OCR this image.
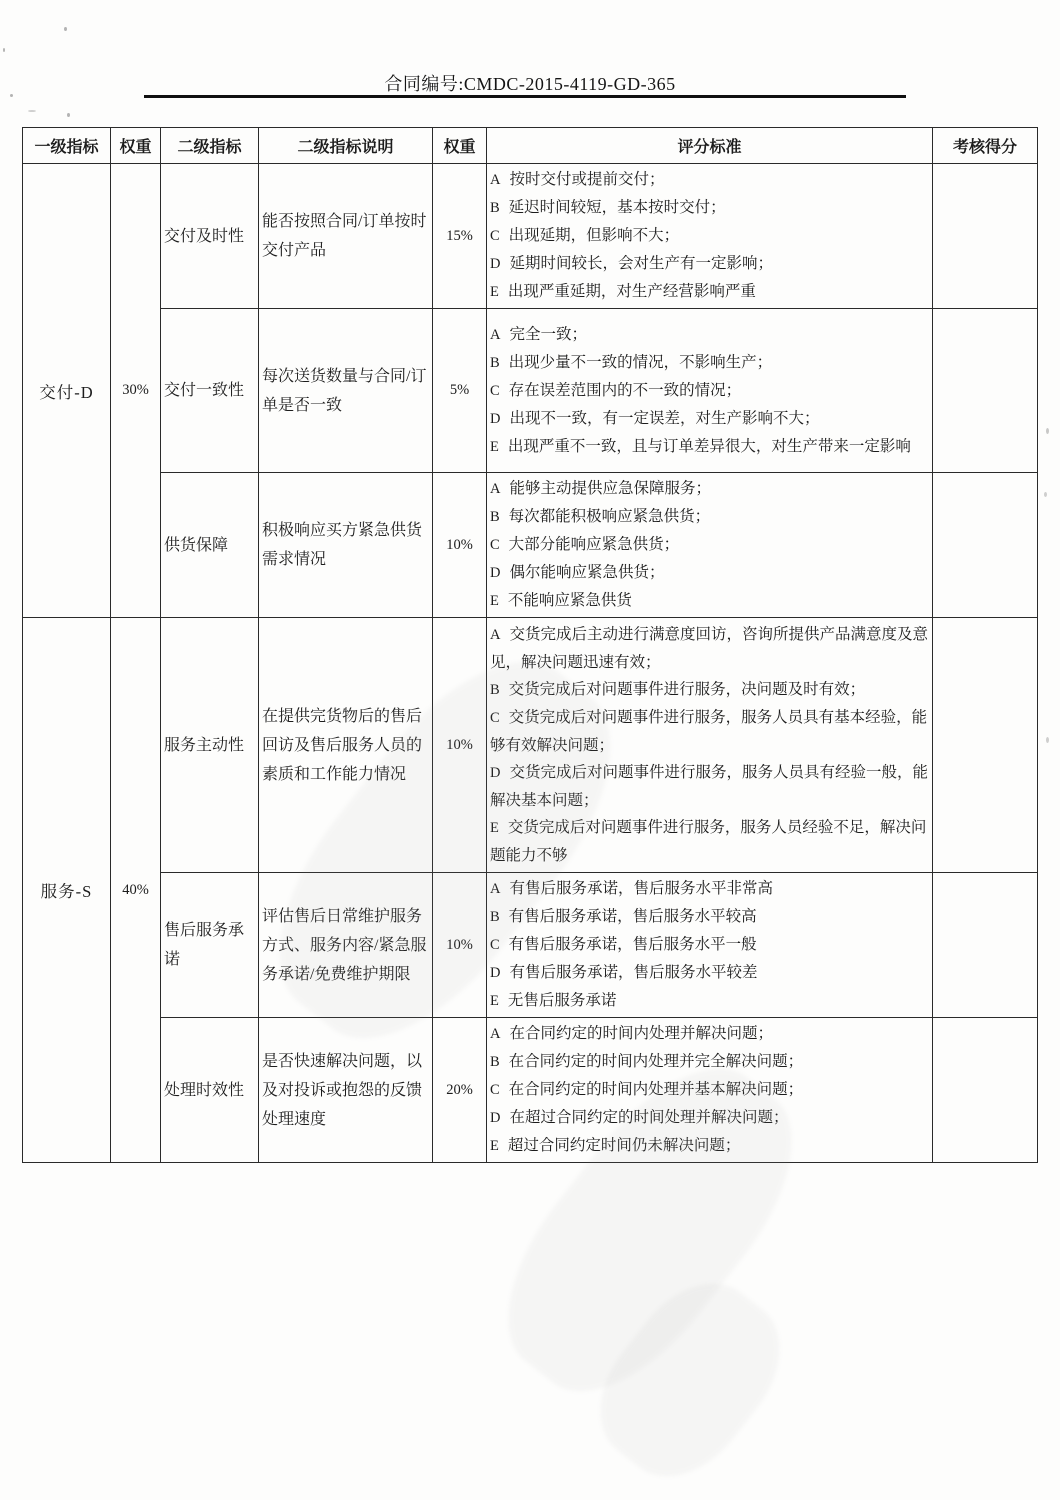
合同编号:CMDC-2015-4119-GD-365
一级指标	权重	二级指标	二级指标说明	权重	评分标准	考核得分
交付-D	30%	交付及时性	能否按照合同/订单按时交付产品	15%	A 按时交付或提前交付；
B 延迟时间较短，基本按时交付；
C 出现延期，但影响不大；
D 延期时间较长，会对生产有一定影响；
E 出现严重延期，对生产经营影响严重	

		交付一致性	每次送货数量与合同/订单是否一致	5%	A 完全一致；
B 出现少量不一致的情况，不影响生产；
C 存在误差范围内的不一致的情况；
D 出现不一致，有一定误差，对生产影响不大；
E 出现严重不一致，且与订单差异很大，对生产带来一定影响	

		供货保障	积极响应买方紧急供货需求情况	10%	A 能够主动提供应急保障服务；
B 每次都能积极响应紧急供货；
C 大部分能响应紧急供货；
D 偶尔能响应紧急供货；
E 不能响应紧急供货	

服务-S	40%	服务主动性	在提供完货物后的售后回访及售后服务人员的素质和工作能力情况	10%	A 交货完成后主动进行满意度回访，咨询所提供产品满意度及意见，解决问题迅速有效；
B 交货完成后对问题事件进行服务，决问题及时有效；
C 交货完成后对问题事件进行服务，服务人员具有基本经验，能够有效解决问题；
D 交货完成后对问题事件进行服务，服务人员具有经验一般，能解决基本问题；
E 交货完成后对问题事件进行服务，服务人员经验不足，解决问题能力不够	

		售后服务承诺	评估售后日常维护服务方式、服务内容/紧急服务承诺/免费维护期限	10%	A 有售后服务承诺，售后服务水平非常高
B 有售后服务承诺，售后服务水平较高
C 有售后服务承诺，售后服务水平一般
D 有售后服务承诺，售后服务水平较差
E 无售后服务承诺	

		处理时效性	是否快速解决问题，以及对投诉或抱怨的反馈处理速度	20%	A 在合同约定的时间内处理并解决问题；
B 在合同约定的时间内处理并完全解决问题；
C 在合同约定的时间内处理并基本解决问题；
D 在超过合同约定的时间处理并解决问题；
E 超过合同约定时间仍未解决问题；	
